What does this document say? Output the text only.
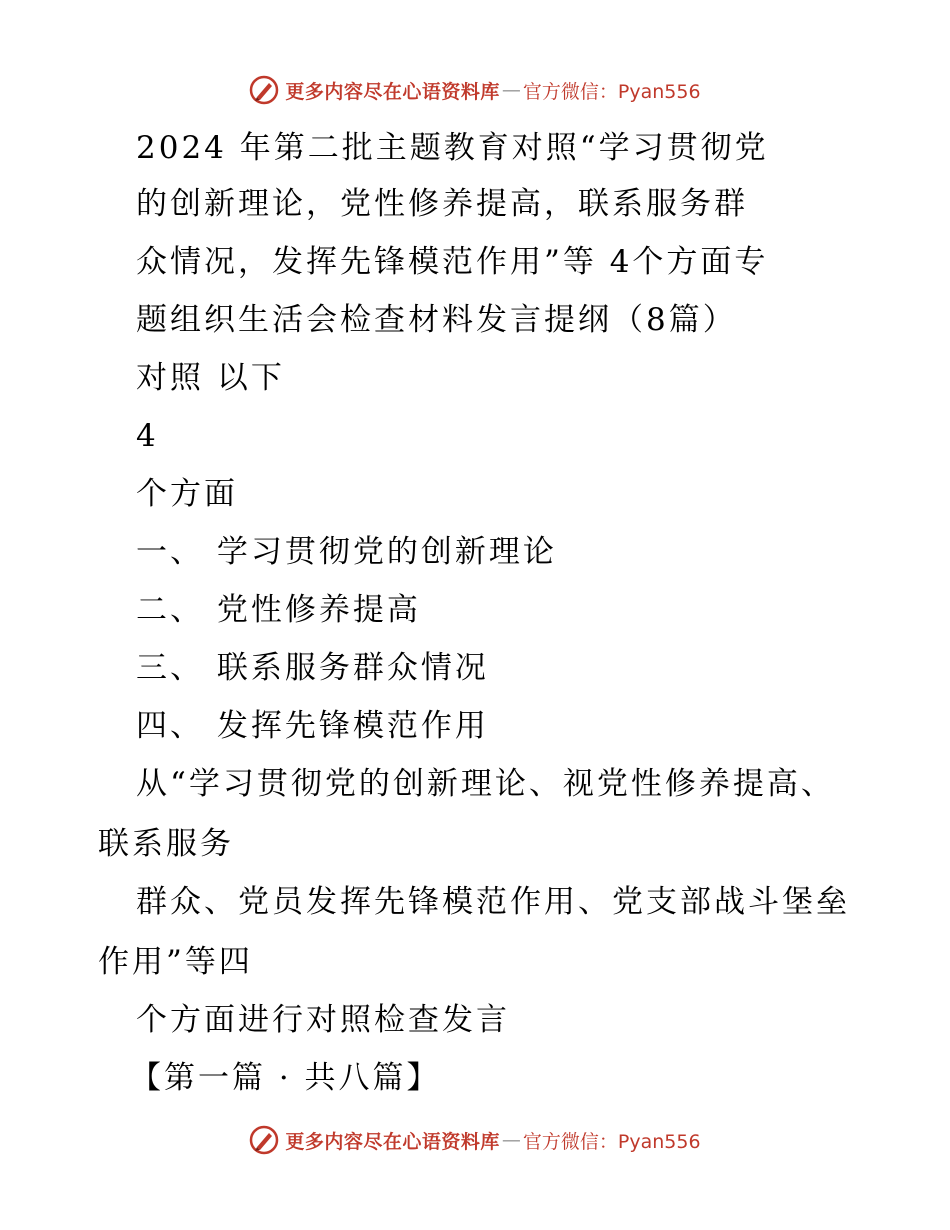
更多内容尽在心语资料库 — 官方微信：Pyan556
2024 年第二批主题教育对照“学习贯彻党
的创新理论，党性修养提高，联系服务群
众情况，发挥先锋模范作用”等 4个方面专
题组织生活会检查材料发言提纲（8篇）
对照 以下
4
个方面
一、 学习贯彻党的创新理论
二、 党性修养提高
三、 联系服务群众情况
四、 发挥先锋模范作用
从“学习贯彻党的创新理论、视党性修养提高、
联系服务
群众、党员发挥先锋模范作用、党支部战斗堡垒
作用”等四
个方面进行对照检查发言
【第一篇 · 共八篇】
更多内容尽在心语资料库 — 官方微信：Pyan556
